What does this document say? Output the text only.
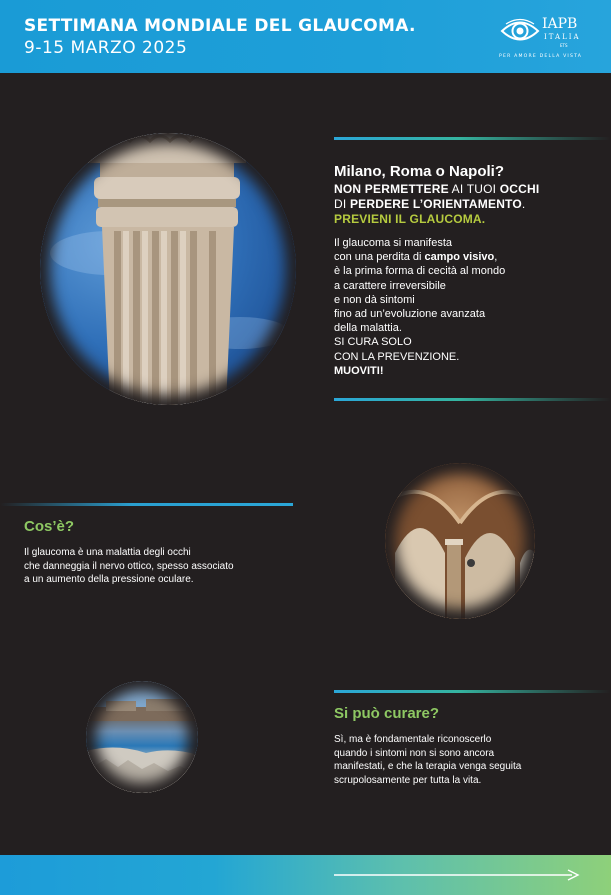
SETTIMANA MONDIALE DEL GLAUCOMA.

9-15 MARZO 2025

IAPB
ITALIA
ETS
PER AMORE DELLA VISTA
Milano, Roma o Napoli?

NON PERMETTERE AI TUOI OCCHI

DI PERDERE L’ORIENTAMENTO.

PREVIENI IL GLAUCOMA.

Il glaucoma si manifesta
con una perdita di campo visivo,
è la prima forma di cecità al mondo
a carattere irreversibile
e non dà sintomi
fino ad un’evoluzione avanzata
della malattia.
SI CURA SOLO
CON LA PREVENZIONE.
MUOVITI!
Cos’è?
Il glaucoma è una malattia degli occhi
che danneggia il nervo ottico, spesso associato
a un aumento della pressione oculare.
Si può curare?
Sì, ma è fondamentale riconoscerlo
quando i sintomi non si sono ancora
manifestati, e che la terapia venga seguita
scrupolosamente per tutta la vita.
